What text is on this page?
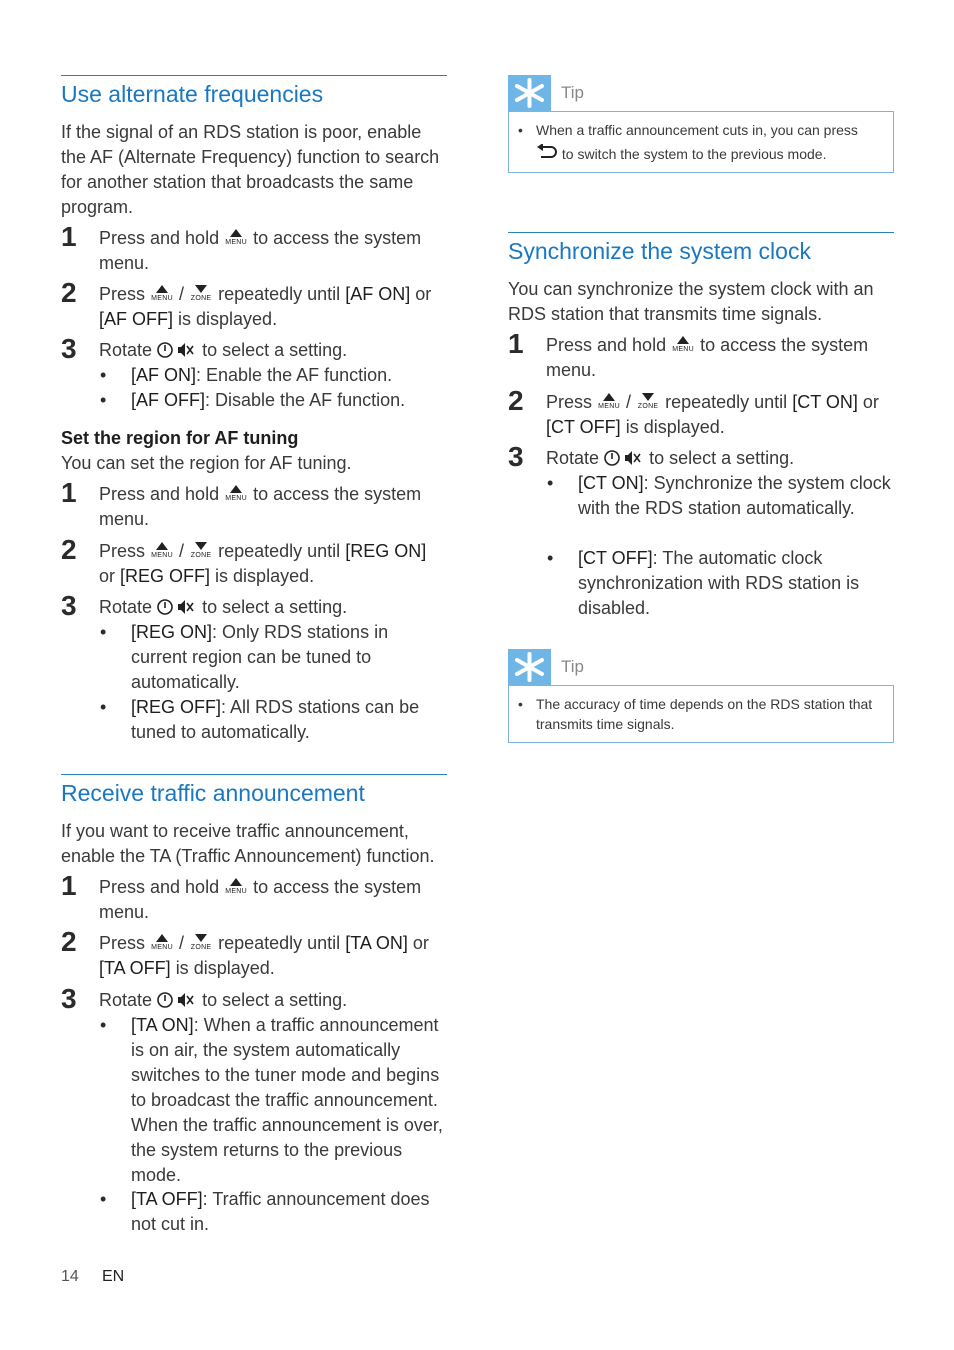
Use alternate frequencies
If the signal of an RDS station is poor, enable the AF (Alternate Frequency) function to search for another station that broadcasts the same program.
1 Press and hold MENU to access the system menu.
2 Press MENU / ZONE repeatedly until [AF ON] or [AF OFF] is displayed.
3 Rotate	to select a setting.
• [AF ON]: Enable the AF function.
• [AF OFF]: Disable the AF function.
Set the region for AF tuning
You can set the region for AF tuning.
1 Press and hold MENU to access the system menu.
2 Press MENU / ZONE repeatedly until [REG ON] or [REG OFF] is displayed.
3 Rotate	to select a setting.
• [REG ON]: Only RDS stations in current region can be tuned to automatically.
• [REG OFF]: All RDS stations can be tuned to automatically.
Receive traffic announcement
If you want to receive traffic announcement, enable the TA (Traffic Announcement) function.
1 Press and hold MENU to access the system menu.
2 Press MENU / ZONE repeatedly until [TA ON] or [TA OFF] is displayed.
3 Rotate	to select a setting.
• [TA ON]: When a traffic announcement is on air, the system automatically switches to the tuner mode and begins to broadcast the traffic announcement. When the traffic announcement is over, the system returns to the previous mode.
• [TA OFF]: Traffic announcement does not cut in.
Tip
• When a traffic announcement cuts in, you can press
to switch the system to the previous mode.
Synchronize the system clock
You can synchronize the system clock with an RDS station that transmits time signals.
1 Press and hold MENU to access the system menu.
2 Press MENU / ZONE repeatedly until [CT ON] or [CT OFF] is displayed.
3 Rotate	to select a setting.
• [CT ON]: Synchronize the system clock with the RDS station automatically.
• [CT OFF]: The automatic clock synchronization with RDS station is disabled.
Tip
• The accuracy of time depends on the RDS station that transmits time signals.
14 EN
